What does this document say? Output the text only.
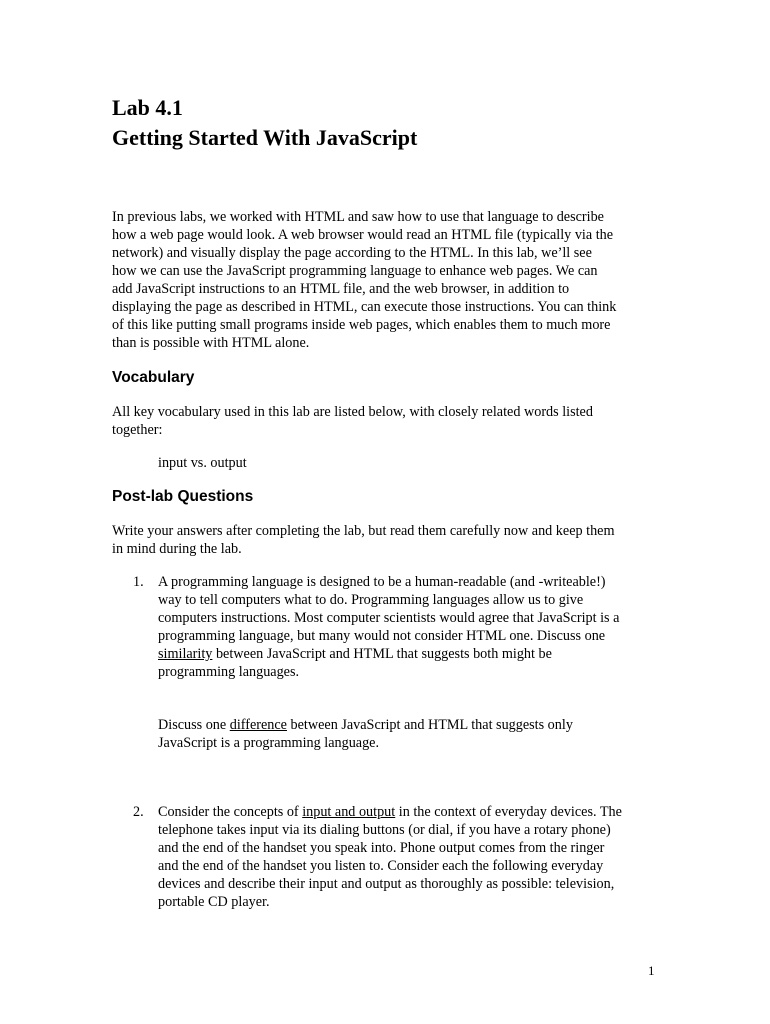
Lab 4.1
Getting Started With JavaScript

In previous labs, we worked with HTML and saw how to use that language to describe
how a web page would look. A web browser would read an HTML file (typically via the
network) and visually display the page according to the HTML. In this lab, we’ll see
how we can use the JavaScript programming language to enhance web pages. We can
add JavaScript instructions to an HTML file, and the web browser, in addition to
displaying the page as described in HTML, can execute those instructions. You can think
of this like putting small programs inside web pages, which enables them to much more
than is possible with HTML alone.

Vocabulary

All key vocabulary used in this lab are listed below, with closely related words listed
together:

input vs. output

Post-lab Questions

Write your answers after completing the lab, but read them carefully now and keep them
in mind during the lab.

1. A programming language is designed to be a human-readable (and -writeable!)
way to tell computers what to do. Programming languages allow us to give
computers instructions. Most computer scientists would agree that JavaScript is a
programming language, but many would not consider HTML one. Discuss one
similarity between JavaScript and HTML that suggests both might be
programming languages.
Discuss one difference between JavaScript and HTML that suggests only
JavaScript is a programming language.

2. Consider the concepts of input and output in the context of everyday devices. The
telephone takes input via its dialing buttons (or dial, if you have a rotary phone)
and the end of the handset you speak into. Phone output comes from the ringer
and the end of the handset you listen to. Consider each the following everyday
devices and describe their input and output as thoroughly as possible: television,
portable CD player.

1
